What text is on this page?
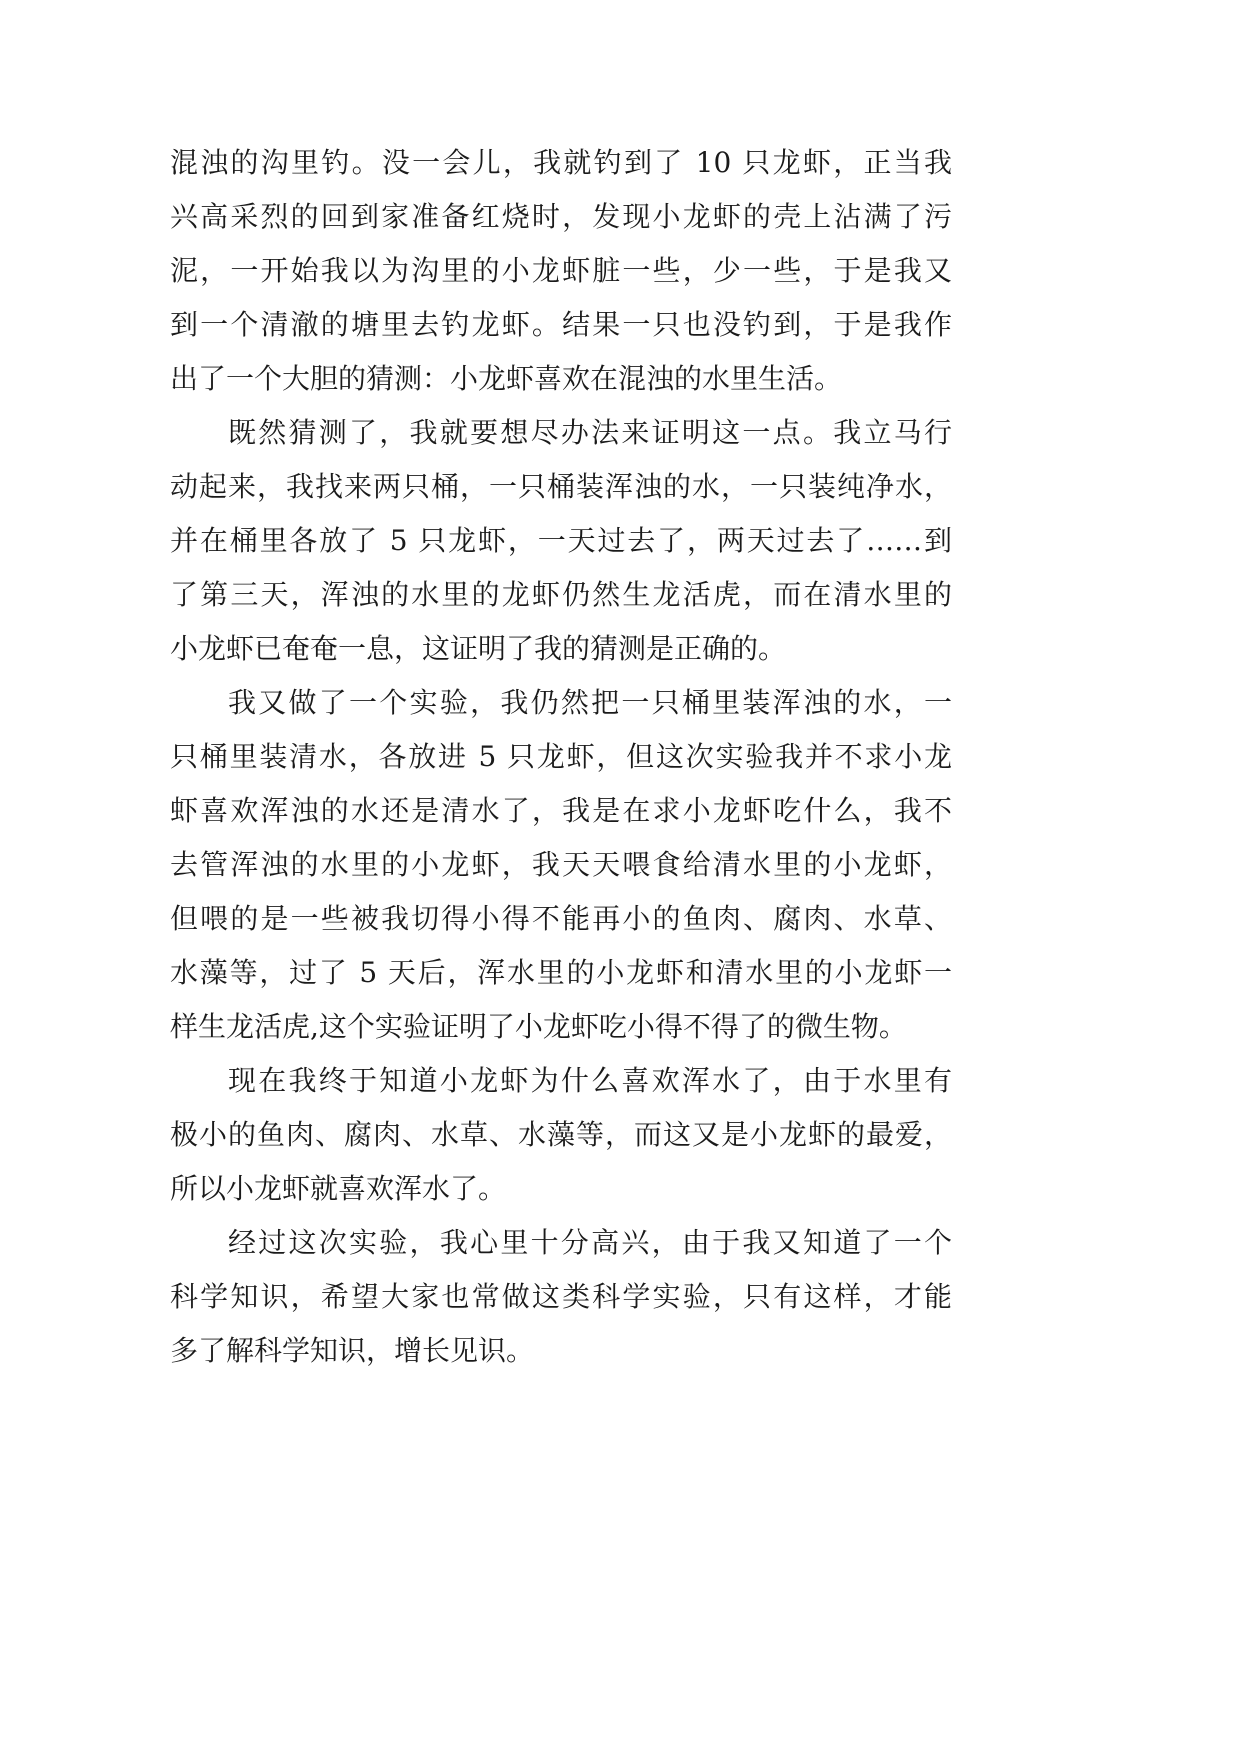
混浊的沟里钓。没一会儿，我就钓到了 10 只龙虾，正当我
兴高采烈的回到家准备红烧时，发现小龙虾的壳上沾满了污
泥，一开始我以为沟里的小龙虾脏一些，少一些，于是我又
到一个清澈的塘里去钓龙虾。结果一只也没钓到，于是我作
出了一个大胆的猜测：小龙虾喜欢在混浊的水里生活。
既然猜测了，我就要想尽办法来证明这一点。我立马行
动起来，我找来两只桶，一只桶装浑浊的水，一只装纯净水，
并在桶里各放了 5 只龙虾，一天过去了，两天过去了……到
了第三天，浑浊的水里的龙虾仍然生龙活虎，而在清水里的
小龙虾已奄奄一息，这证明了我的猜测是正确的。
我又做了一个实验，我仍然把一只桶里装浑浊的水，一
只桶里装清水，各放进 5 只龙虾，但这次实验我并不求小龙
虾喜欢浑浊的水还是清水了，我是在求小龙虾吃什么，我不
去管浑浊的水里的小龙虾，我天天喂食给清水里的小龙虾，
但喂的是一些被我切得小得不能再小的鱼肉、腐肉、水草、
水藻等，过了 5 天后，浑水里的小龙虾和清水里的小龙虾一
样生龙活虎,这个实验证明了小龙虾吃小得不得了的微生物。
现在我终于知道小龙虾为什么喜欢浑水了，由于水里有
极小的鱼肉、腐肉、水草、水藻等，而这又是小龙虾的最爱，
所以小龙虾就喜欢浑水了。
经过这次实验，我心里十分高兴，由于我又知道了一个
科学知识，希望大家也常做这类科学实验，只有这样，才能
多了解科学知识，增长见识。
